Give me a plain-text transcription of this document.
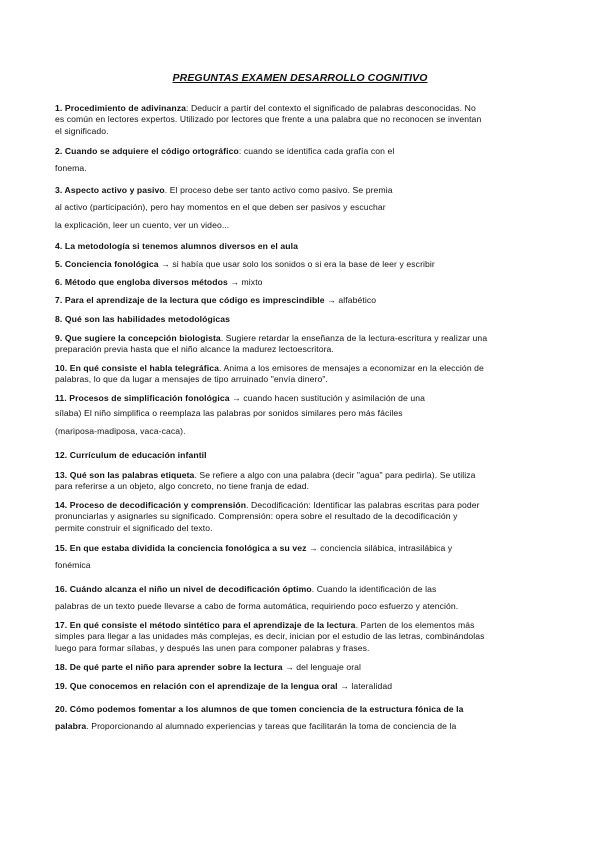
PREGUNTAS EXAMEN DESARROLLO COGNITIVO
1. Procedimiento de adivinanza: Deducir a partir del contexto el significado de palabras desconocidas. No
es común en lectores expertos. Utilizado por lectores que frente a una palabra que no reconocen se inventan
el significado.
2. Cuando se adquiere el código ortográfico: cuando se identifica cada grafía con el
fonema.
3. Aspecto activo y pasivo. El proceso debe ser tanto activo como pasivo. Se premia
al activo (participación), pero hay momentos en el que deben ser pasivos y escuchar
la explicación, leer un cuento, ver un video...
4. La metodología si tenemos alumnos diversos en el aula
5. Conciencia fonológica → si había que usar solo los sonidos o si era la base de leer y escribir
6. Método que engloba diversos métodos → mixto
7. Para el aprendizaje de la lectura que código es imprescindible → alfabético
8. Qué son las habilidades metodológicas
9. Que sugiere la concepción biologista. Sugiere retardar la enseñanza de la lectura-escritura y realizar una
preparación previa hasta que el niño alcance la madurez lectoescritora.
10. En qué consiste el habla telegráfica. Anima a los emisores de mensajes a economizar en la elección de
palabras, lo que da lugar a mensajes de tipo arruinado "envía dinero".
11. Procesos de simplificación fonológica → cuando hacen sustitución y asimilación de una
sílaba) El niño simplifica o reemplaza las palabras por sonidos similares pero más fáciles
(mariposa-madiposa, vaca-caca).
12. Currículum de educación infantil
13. Qué son las palabras etiqueta. Se refiere a algo con una palabra (decir "agua" para pedirla). Se utiliza
para referirse a un objeto, algo concreto, no tiene franja de edad.
14. Proceso de decodificación y comprensión. Decodificación: Identificar las palabras escritas para poder
pronunciarlas y asignarles su significado. Comprensión: opera sobre el resultado de la decodificación y
permite construir el significado del texto.
15. En que estaba dividida la conciencia fonológica a su vez → conciencia silábica, intrasilábica y
fonémica
16. Cuándo alcanza el niño un nivel de decodificación óptimo. Cuando la identificación de las
palabras de un texto puede llevarse a cabo de forma automática, requiriendo poco esfuerzo y atención.
17. En qué consiste el método sintético para el aprendizaje de la lectura. Parten de los elementos más
simples para llegar a las unidades más complejas, es decir, inician por el estudio de las letras, combinándolas
luego para formar sílabas, y después las unen para componer palabras y frases.
18. De qué parte el niño para aprender sobre la lectura → del lenguaje oral
19. Que conocemos en relación con el aprendizaje de la lengua oral → lateralidad
20. Cómo podemos fomentar a los alumnos de que tomen conciencia de la estructura fónica de la
palabra. Proporcionando al alumnado experiencias y tareas que facilitarán la toma de conciencia de la
